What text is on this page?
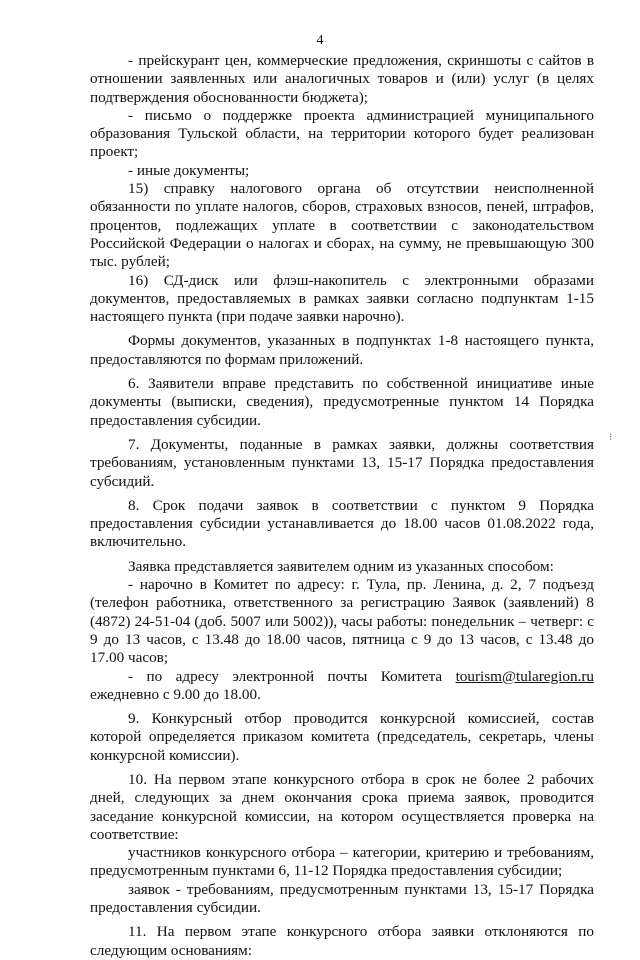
4

- прейскурант цен, коммерческие предложения, скриншоты с сайтов в отношении заявленных или аналогичных товаров и (или) услуг (в целях подтверждения обоснованности бюджета);

- письмо о поддержке проекта администрацией муниципального образования Тульской области, на территории которого будет реализован проект;

- иные документы;

15) справку налогового органа об отсутствии неисполненной обязанности по уплате налогов, сборов, страховых взносов, пеней, штрафов, процентов, подлежащих уплате в соответствии с законодательством Российской Федерации о налогах и сборах, на сумму, не превышающую 300 тыс. рублей;

16) СД-диск или флэш-накопитель с электронными образами документов, предоставляемых в рамках заявки согласно подпунктам 1-15 настоящего пункта (при подаче заявки нарочно).

Формы документов, указанных в подпунктах 1-8 настоящего пункта, предоставляются по формам приложений.

6. Заявители вправе представить по собственной инициативе иные документы (выписки, сведения), предусмотренные пунктом 14 Порядка предоставления субсидии.

7. Документы, поданные в рамках заявки, должны соответствия требованиям, установленным пунктами 13, 15-17 Порядка предоставления субсидий.

8. Срок подачи заявок в соответствии с пунктом 9 Порядка предоставления субсидии устанавливается до 18.00 часов 01.08.2022 года, включительно.

Заявка представляется заявителем одним из указанных способом:

- нарочно в Комитет по адресу: г. Тула, пр. Ленина, д. 2, 7 подъезд (телефон работника, ответственного за регистрацию Заявок (заявлений) 8 (4872) 24-51-04 (доб. 5007 или 5002)), часы работы: понедельник – четверг: с 9 до 13 часов, с 13.48 до 18.00 часов, пятница с 9 до 13 часов, с 13.48 до 17.00 часов;

- по адресу электронной почты Комитета tourism@tularegion.ru ежедневно с 9.00 до 18.00.

9. Конкурсный отбор проводится конкурсной комиссией, состав которой определяется приказом комитета (председатель, секретарь, члены конкурсной комиссии).

10. На первом этапе конкурсного отбора в срок не более 2 рабочих дней, следующих за днем окончания срока приема заявок, проводится заседание конкурсной комиссии, на котором осуществляется проверка на соответствие:

участников конкурсного отбора – категории, критерию и требованиям, предусмотренным пунктами 6, 11-12 Порядка предоставления субсидии;

заявок - требованиям, предусмотренным пунктами 13, 15-17 Порядка предоставления субсидии.

11. На первом этапе конкурсного отбора заявки отклоняются по следующим основаниям:

⁝
